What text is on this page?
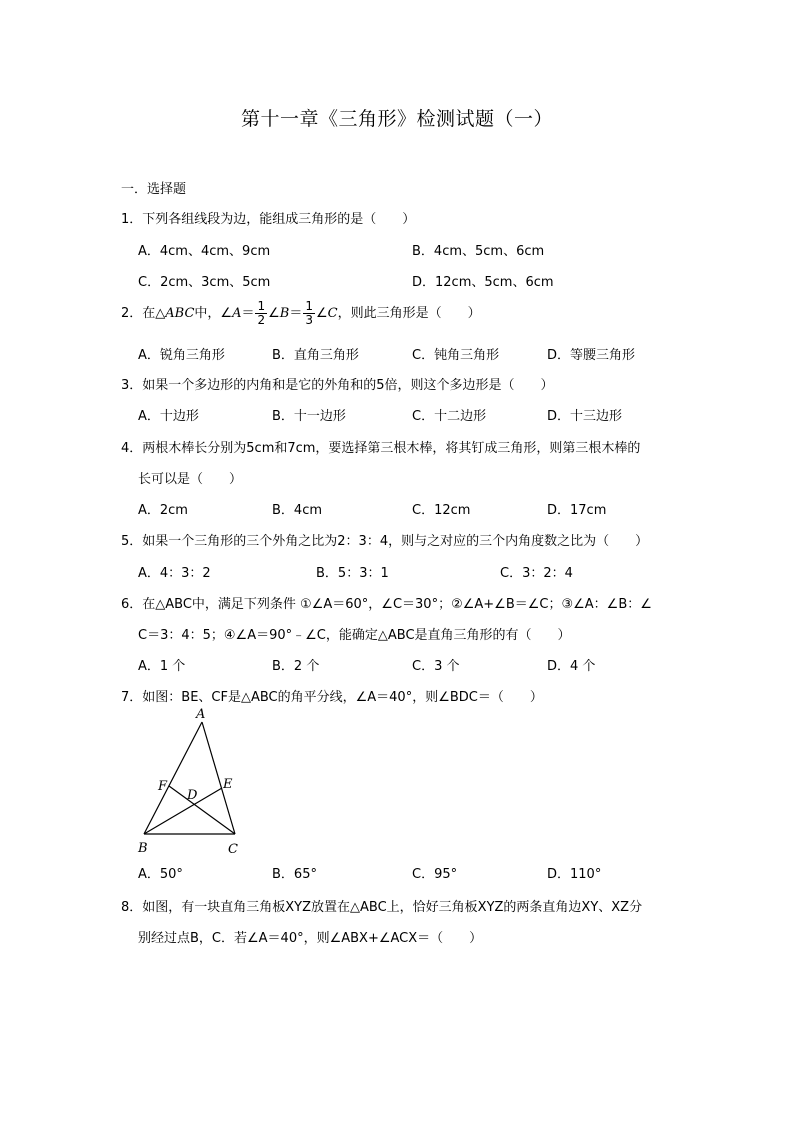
第十一章《三角形》检测试题（一）
一．选择题
1．下列各组线段为边，能组成三角形的是（　　）
A．4cm、4cm、9cm	B．4cm、5cm、6cm
C．2cm、3cm、5cm	D．12cm、5cm、6cm
2．在△ABC中，∠A＝ $\frac{1}{2}$ ∠B＝ $\frac{1}{3}$ ∠C，则此三角形是（　　）
A．锐角三角形	B．直角三角形	C．钝角三角形	D．等腰三角形
3．如果一个多边形的内角和是它的外角和的5倍，则这个多边形是（　　）
A．十边形	B．十一边形	C．十二边形	D．十三边形
4．两根木棒长分别为5cm和7cm，要选择第三根木棒，将其钉成三角形，则第三根木棒的
长可以是（　　）
A．2cm	B．4cm	C．12cm	D．17cm
5．如果一个三角形的三个外角之比为2：3：4，则与之对应的三个内角度数之比为（　　）
A．4：3：2	B．5：3：1	C．3：2：4
6．在△ABC中，满足下列条件 ①∠A＝60°，∠C＝30°；②∠A+∠B＝∠C；③∠A：∠B：∠
C＝3：4：5；④∠A＝90°﹣∠C，能确定△ABC是直角三角形的有（　　）
A．1 个	B．2 个	C．3 个	D．4 个
7．如图：BE、CF是△ABC的角平分线，∠A＝40°，则∠BDC＝（　　）
A
B	C
D
E
F
A．50°	B．65°	C．95°	D．110°
8．如图，有一块直角三角板XYZ放置在△ABC上，恰好三角板XYZ的两条直角边XY、XZ分
别经过点B，C．若∠A＝40°，则∠ABX+∠ACX＝（　　）
